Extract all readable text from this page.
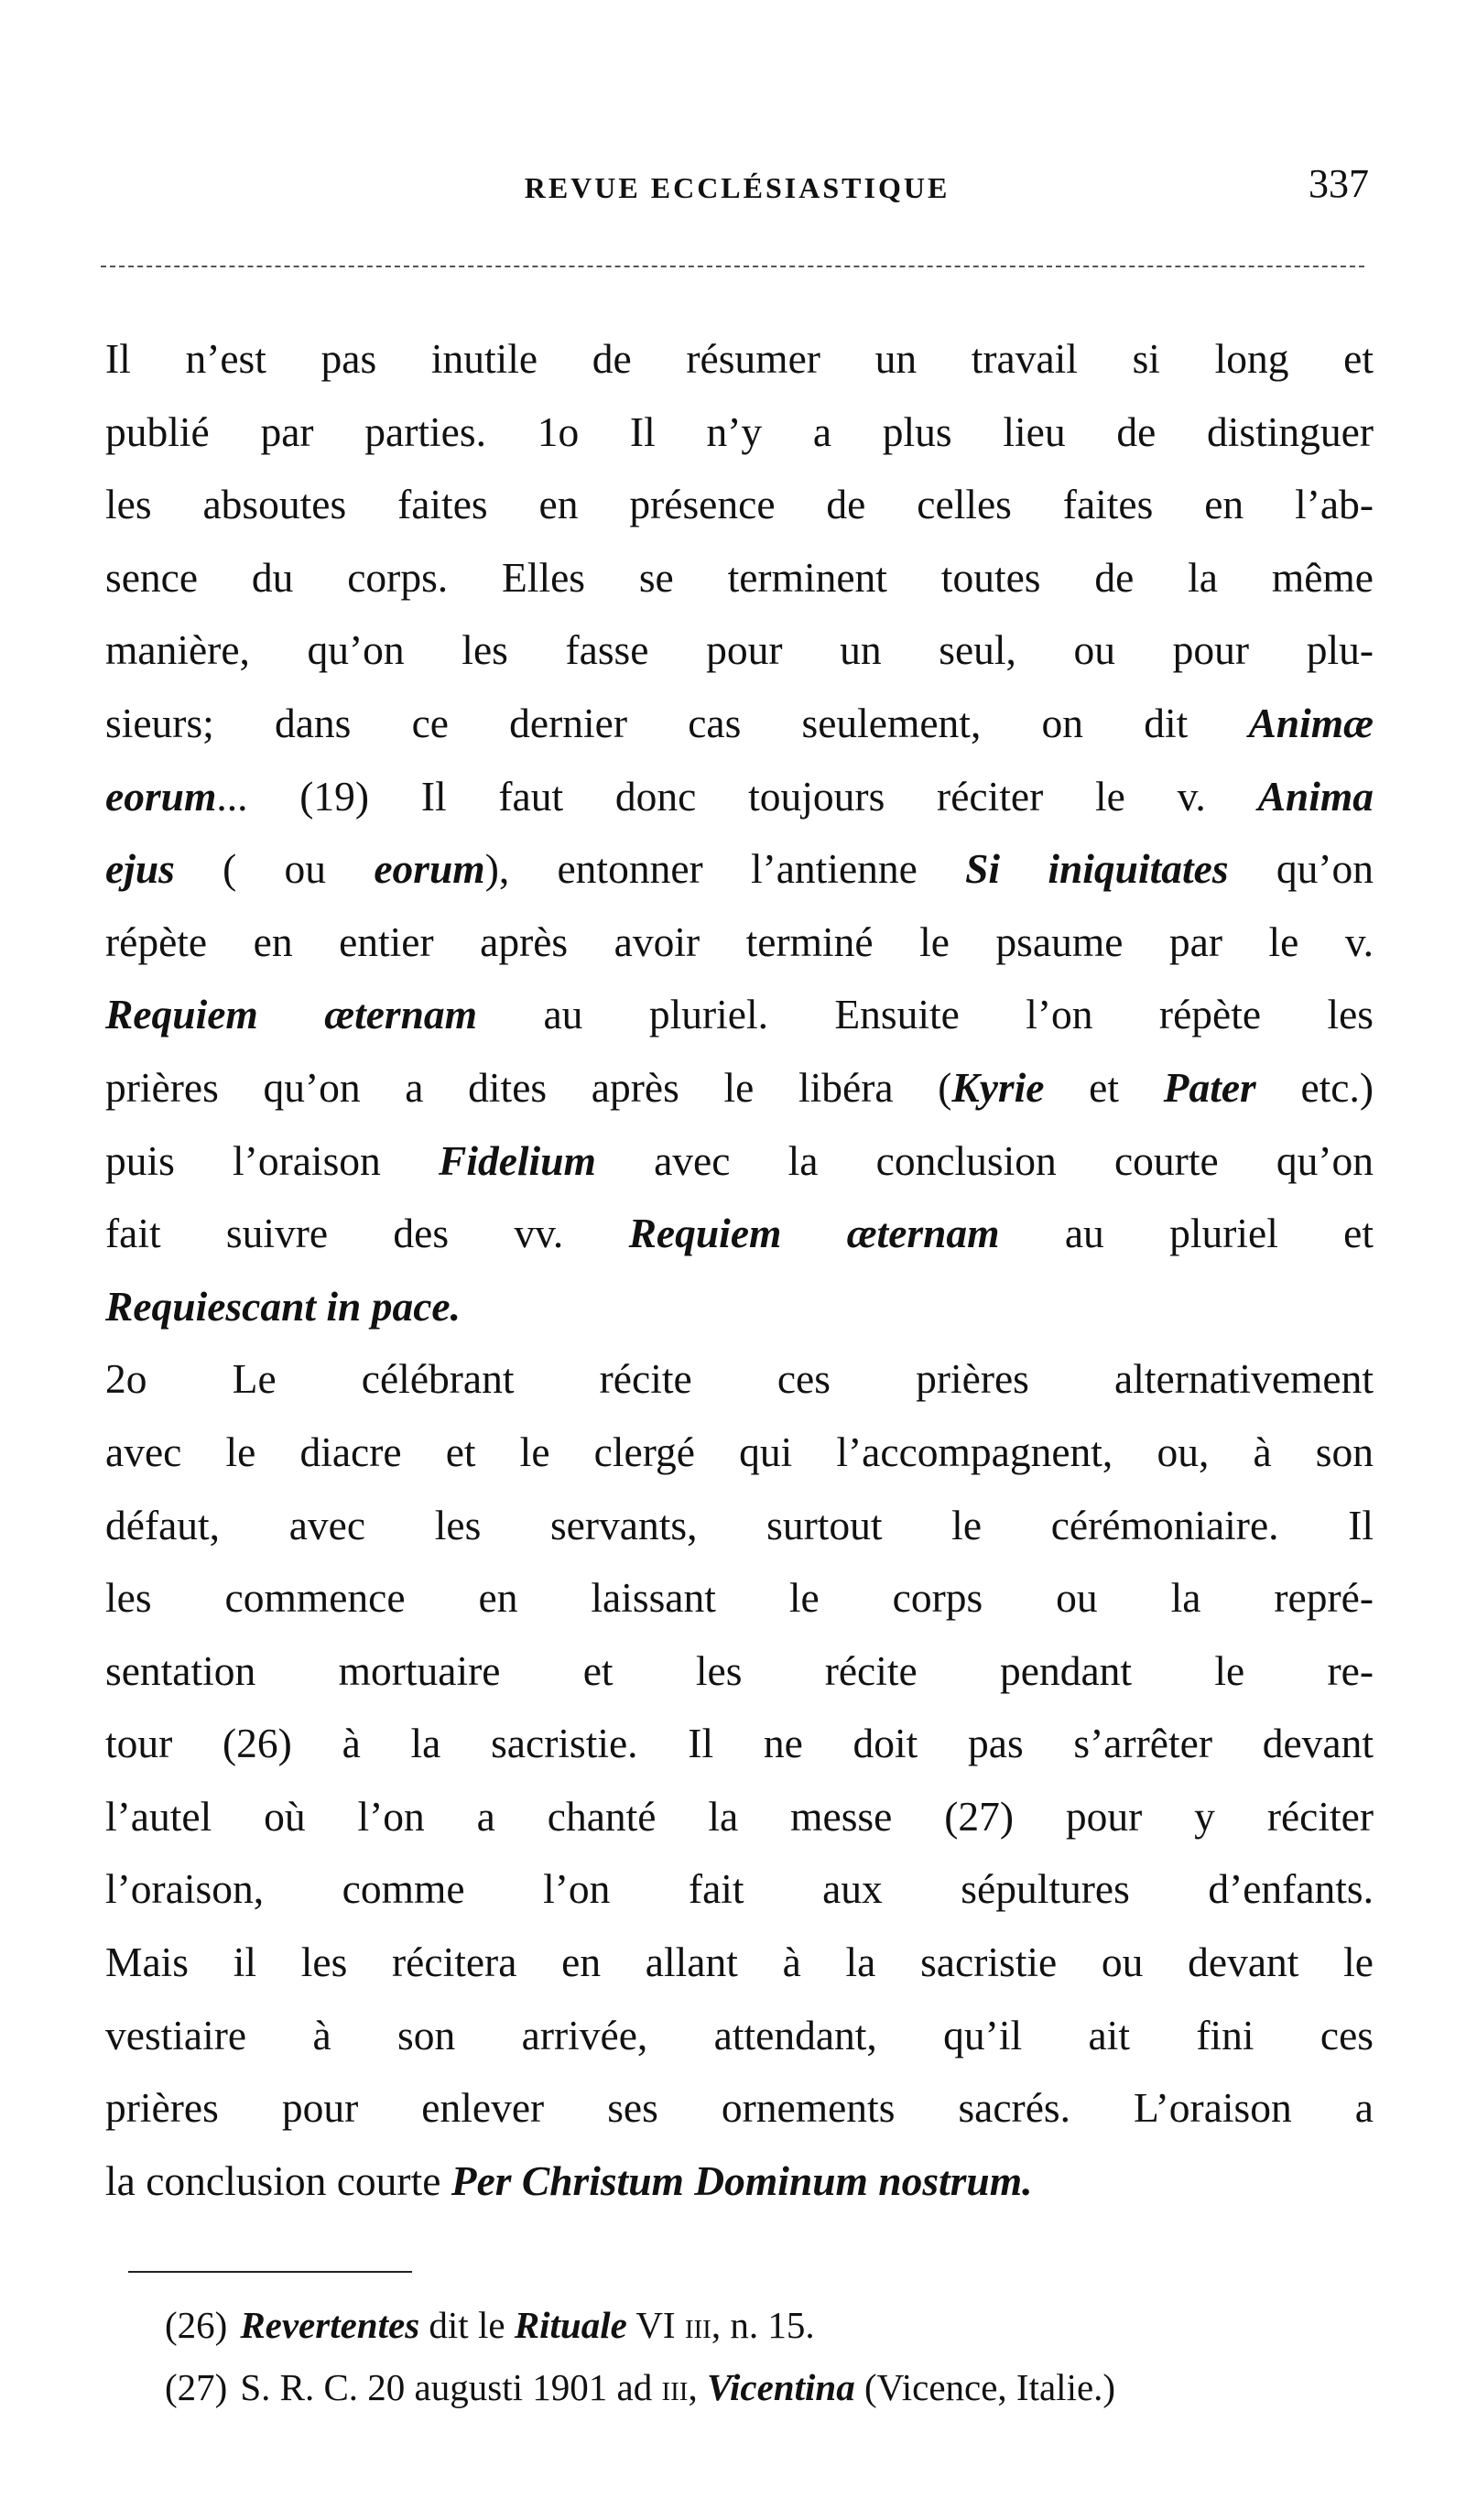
REVUE ECCLÉSIASTIQUE	337
Il n’est pas inutile de résumer un travail si long et
publié par parties. 1o Il n’y a plus lieu de distinguer
les absoutes faites en présence de celles faites en l’ab-
sence du corps. Elles se terminent toutes de la même
manière, qu’on les fasse pour un seul, ou pour plu-
sieurs; dans ce dernier cas seulement, on dit Animæ
eorum... (19) Il faut donc toujours réciter le v. Anima
ejus ( ou eorum), entonner l’antienne Si iniquitates qu’on
répète en entier après avoir terminé le psaume par le v.
Requiem æternam au pluriel. Ensuite l’on répète les
prières qu’on a dites après le libéra (Kyrie et Pater etc.)
puis l’oraison Fidelium avec la conclusion courte qu’on
fait suivre des vv. Requiem æternam au pluriel et
Requiescant in pace.
2o Le célébrant récite ces prières alternativement
avec le diacre et le clergé qui l’accompagnent, ou, à son
défaut, avec les servants, surtout le cérémoniaire. Il
les commence en laissant le corps ou la repré-
sentation mortuaire et les récite pendant le re-
tour (26) à la sacristie. Il ne doit pas s’arrêter devant
l’autel où l’on a chanté la messe (27) pour y réciter
l’oraison, comme l’on fait aux sépultures d’enfants.
Mais il les récitera en allant à la sacristie ou devant le
vestiaire à son arrivée, attendant, qu’il ait fini ces
prières pour enlever ses ornements sacrés. L’oraison a
la conclusion courte Per Christum Dominum nostrum.
(26) Revertentes dit le Rituale VI iii, n. 15.
(27) S. R. C. 20 augusti 1901 ad iii, Vicentina (Vicence, Italie.)
